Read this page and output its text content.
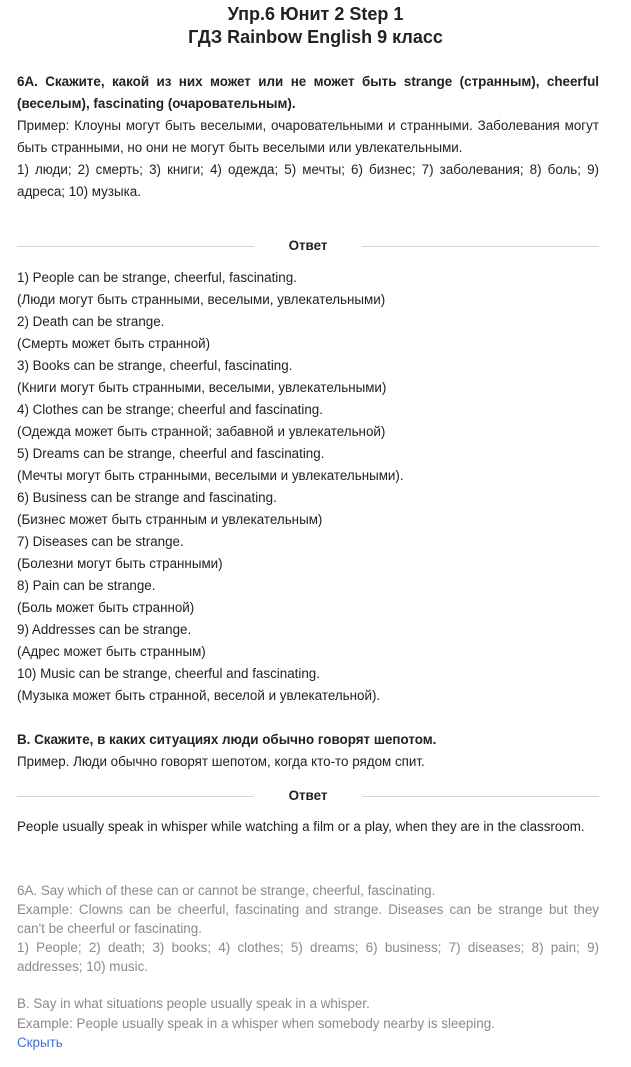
Упр.6 Юнит 2 Step 1
ГДЗ Rainbow English 9 класс
6А. Скажите, какой из них может или не может быть strange (странным), cheerful (веселым), fascinating (очаровательным).
Пример: Клоуны могут быть веселыми, очаровательными и странными. Заболевания могут быть странными, но они не могут быть веселыми или увлекательными.
1) люди; 2) смерть; 3) книги; 4) одежда; 5) мечты; 6) бизнес; 7) заболевания; 8) боль; 9) адреса; 10) музыка.
Ответ
1) People can be strange, cheerful, fascinating.
(Люди могут быть странными, веселыми, увлекательными)
2) Death can be strange.
(Смерть может быть странной)
3) Books can be strange, cheerful, fascinating.
(Книги могут быть странными, веселыми, увлекательными)
4) Clothes can be strange; cheerful and fascinating.
(Одежда может быть странной; забавной и увлекательной)
5) Dreams can be strange, cheerful and fascinating.
(Мечты могут быть странными, веселыми и увлекательными).
6) Business can be strange and fascinating.
(Бизнес может быть странным и увлекательным)
7) Diseases can be strange.
(Болезни могут быть странными)
8) Pain can be strange.
(Боль может быть странной)
9) Addresses can be strange.
(Адрес может быть странным)
10) Music can be strange, cheerful and fascinating.
(Музыка может быть странной, веселой и увлекательной).
B. Скажите, в каких ситуациях люди обычно говорят шепотом.
Пример. Люди обычно говорят шепотом, когда кто-то рядом спит.
Ответ
People usually speak in whisper while watching a film or a play, when they are in the classroom.
6A. Say which of these can or cannot be strange, cheerful, fascinating.
Example: Clowns can be cheerful, fascinating and strange. Diseases can be strange but they can't be cheerful or fascinating.
1) People; 2) death; 3) books; 4) clothes; 5) dreams; 6) business; 7) diseases; 8) pain; 9) addresses; 10) music.
B. Say in what situations people usually speak in a whisper.
Example: People usually speak in a whisper when somebody nearby is sleeping.
Скрыть
